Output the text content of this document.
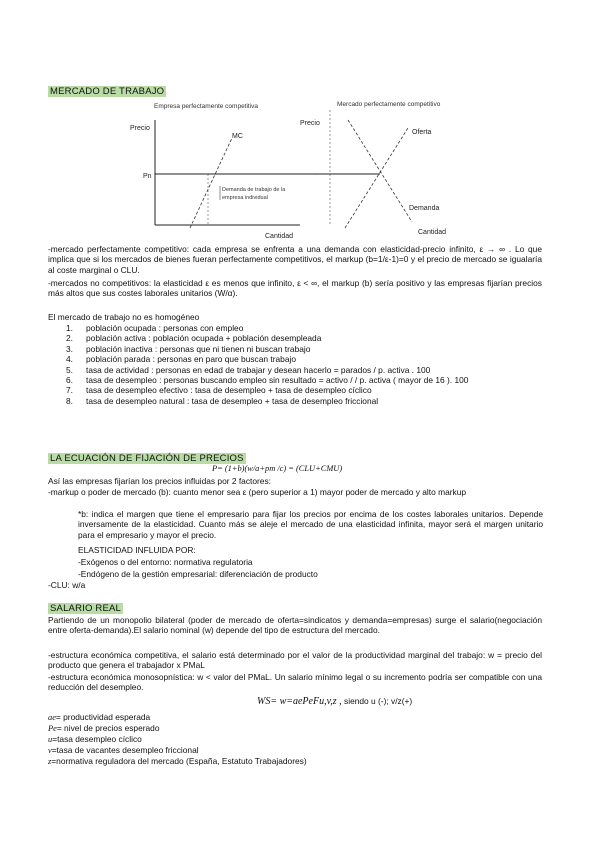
MERCADO DE TRABAJO
Empresa perfectamente competitiva	Mercado perfectamente competitivo
Precio
Precio
MC
Pn	→
Demanda de trabajo de la
empresa individual
Cantidad
Oferta
Demanda
Cantidad
-mercado perfectamente competitivo: cada empresa se enfrenta a una demanda con elasticidad-precio infinito, ε → ∞ . Lo que implica que si los mercados de bienes fueran perfectamente competitivos, el markup (b=1/ε-1)=0 y el precio de mercado se igualaría al coste marginal o CLU.
-mercados no competitivos: la elasticidad ε es menos que infinito, ε < ∞, el markup (b) sería positivo y las empresas fijarían precios más altos que sus costes laborales unitarios (W/α).
El mercado de trabajo no es homogéneo
1. población ocupada : personas con empleo
2. población activa : población ocupada + población desempleada
3. población inactiva : personas que ni tienen ni buscan trabajo
4. población parada : personas en paro que buscan trabajo
5. tasa de actividad : personas en edad de trabajar y desean hacerlo = parados / p. activa . 100
6. tasa de desempleo : personas buscando empleo sin resultado = activo / / p. activa ( mayor de 16 ). 100
7. tasa de desempleo efectivo : tasa de desempleo + tasa de desempleo cíclico
8. tasa de desempleo natural : tasa de desempleo + tasa de desempleo friccional
LA ECUACIÓN DE FIJACIÓN DE PRECIOS
P= (1+b)(w/a+pm /c) = (CLU+CMU)
Así las empresas fijarían los precios influidas por 2 factores:
-markup o poder de mercado (b): cuanto menor sea ε (pero superior a 1) mayor poder de mercado y alto markup
*b: indica el margen que tiene el empresario para fijar los precios por encima de los costes laborales unitarios. Depende inversamente de la elasticidad. Cuanto más se aleje el mercado de una elasticidad infinita, mayor será el margen unitario para el empresario y mayor el precio.
ELASTICIDAD INFLUIDA POR:
-Exógenos o del entorno: normativa regulatoria
-Endógeno de la gestión empresarial: diferenciación de producto
-CLU: w/a
SALARIO REAL
Partiendo de un monopolio bilateral (poder de mercado de oferta=sindicatos y demanda=empresas) surge el salario(negociación entre oferta-demanda).El salario nominal (w) depende del tipo de estructura del mercado.
-estructura económica competitiva, el salario está determinado por el valor de la productividad marginal del trabajo: w = precio del producto que genera el trabajador x PMaL
-estructura económica monosopnística: w < valor del PMaL. Un salario mínimo legal o su incremento podría ser compatible con una reducción del desempleo.
WS= w=aePeFu,v,z , siendo u (-); v/z(+)
ae= productividad esperada
Pe= nivel de precios esperado
u=tasa desempleo cíclico
v=tasa de vacantes desempleo friccional
z=normativa reguladora del mercado (España, Estatuto Trabajadores)
